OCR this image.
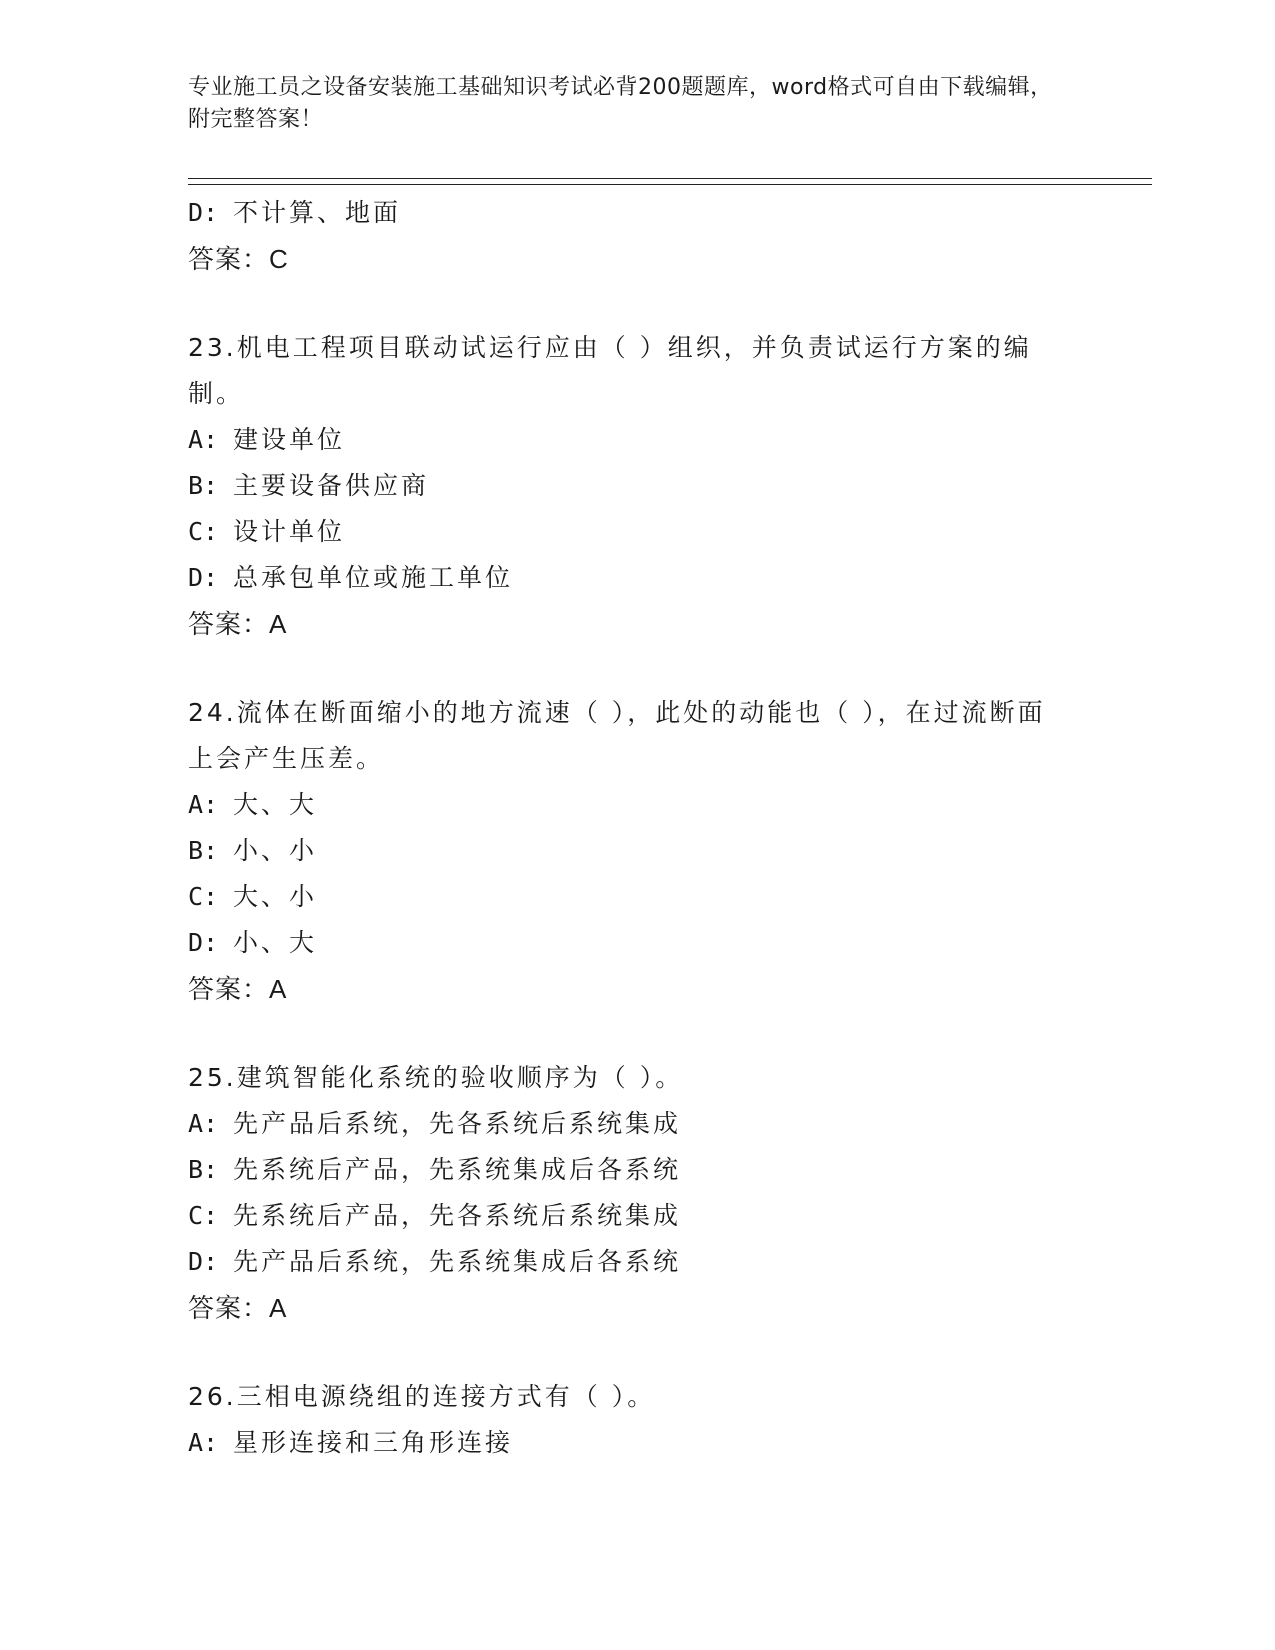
专业施工员之设备安装施工基础知识考试必背200题题库，word格式可自由下载编辑，附完整答案！
D: 不计算、地面
答案：C
23.机电工程项目联动试运行应由（ ）组织，并负责试运行方案的编制。
A: 建设单位
B: 主要设备供应商
C: 设计单位
D: 总承包单位或施工单位
答案：A
24.流体在断面缩小的地方流速（ ），此处的动能也（ ），在过流断面上会产生压差。
A: 大、大
B: 小、小
C: 大、小
D: 小、大
答案：A
25.建筑智能化系统的验收顺序为（ ）。
A: 先产品后系统，先各系统后系统集成
B: 先系统后产品，先系统集成后各系统
C: 先系统后产品，先各系统后系统集成
D: 先产品后系统，先系统集成后各系统
答案：A
26.三相电源绕组的连接方式有（ ）。
A: 星形连接和三角形连接
